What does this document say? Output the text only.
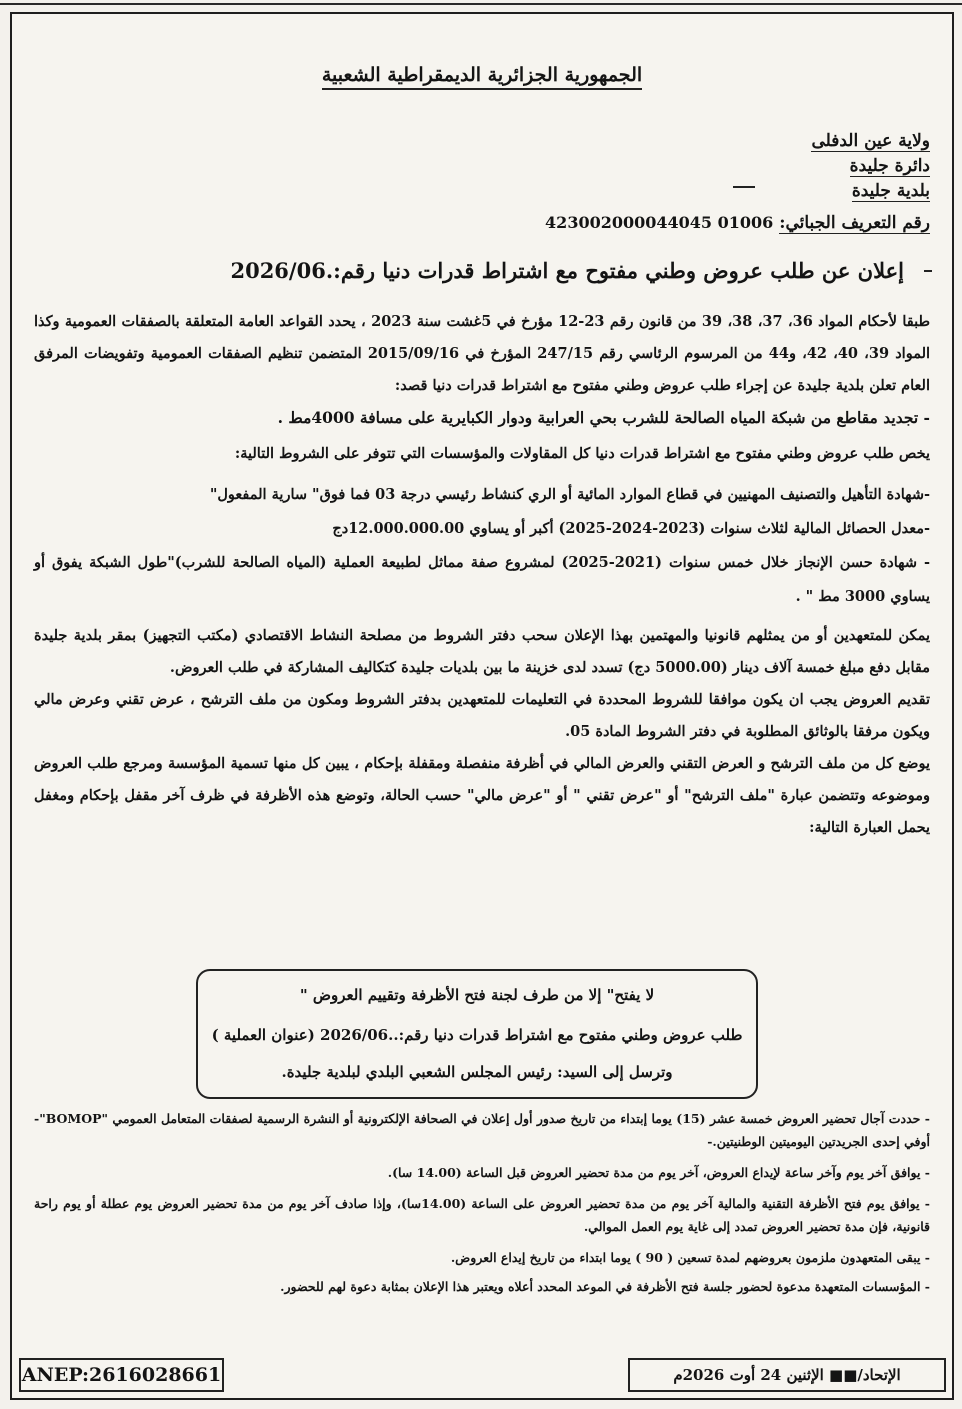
الجمهورية الجزائرية الديمقراطية الشعبية
ولاية عين الدفلى
دائرة جليدة
بلدية جليدة
رقم التعريف الجبائي: 423002000044045 01006
إعلان عن طلب عروض وطني مفتوح مع اشتراط قدرات دنيا رقم:.2026/06

طبقا لأحكام المواد 36، 37، 38، 39 من قانون رقم 23-12 مؤرخ في 5غشت سنة 2023 ، يحدد القواعد العامة المتعلقة بالصفقات العمومية وكذا المواد 39، 40، 42، و44 من المرسوم الرئاسي رقم 247/15 المؤرخ في 2015/09/16 المتضمن تنظيم الصفقات العمومية وتفويضات المرفق العام تعلن بلدية جليدة عن إجراء طلب عروض وطني مفتوح مع اشتراط قدرات دنيا قصد:

- تجديد مقاطع من شبكة المياه الصالحة للشرب بحي العرابية ودوار الكبايرية على مسافة 4000مط .

يخص طلب عروض وطني مفتوح مع اشتراط قدرات دنيا كل المقاولات والمؤسسات التي تتوفر على الشروط التالية:

-شهادة التأهيل والتصنيف المهنيين في قطاع الموارد المائية أو الري كنشاط رئيسي درجة 03 فما فوق" سارية المفعول"

-معدل الحصائل المالية لثلاث سنوات (2023-2024-2025) أكبر أو يساوي 12.000.000.00دج

- شهادة حسن الإنجاز خلال خمس سنوات (2021-2025) لمشروع صفة مماثل لطبيعة العملية (المياه الصالحة للشرب)"طول الشبكة يفوق أو يساوي 3000 مط " .

يمكن للمتعهدين أو من يمثلهم قانونيا والمهتمين بهذا الإعلان سحب دفتر الشروط من مصلحة النشاط الاقتصادي (مكتب التجهيز) بمقر بلدية جليدة مقابل دفع مبلغ خمسة آلاف دينار (5000.00 دج) تسدد لدى خزينة ما بين بلديات جليدة كتكاليف المشاركة في طلب العروض.

تقديم العروض يجب ان يكون موافقا للشروط المحددة في التعليمات للمتعهدين بدفتر الشروط ومكون من ملف الترشح ، عرض تقني وعرض مالي ويكون مرفقا بالوثائق المطلوبة في دفتر الشروط المادة 05.

يوضع كل من ملف الترشح و العرض التقني والعرض المالي في أظرفة منفصلة ومقفلة بإحكام ، يبين كل منها تسمية المؤسسة ومرجع طلب العروض وموضوعه وتتضمن عبارة "ملف الترشح" أو "عرض تقني " أو "عرض مالي" حسب الحالة، وتوضع هذه الأظرفة في ظرف آخر مقفل بإحكام ومغفل يحمل العبارة التالية:

لا يفتح" إلا من طرف لجنة فتح الأظرفة وتقييم العروض "
طلب عروض وطني مفتوح مع اشتراط قدرات دنيا رقم:..2026/06 (عنوان العملية )
وترسل إلى السيد: رئيس المجلس الشعبي البلدي لبلدية جليدة.

- حددت آجال تحضير العروض خمسة عشر (15) يوما إبتداء من تاريخ صدور أول إعلان في الصحافة الإلكترونية أو النشرة الرسمية لصفقات المتعامل العمومي "BOMOP"-أوفي إحدى الجريدتين اليوميتين الوطنيتين.-

- يوافق آخر يوم وآخر ساعة لإيداع العروض، آخر يوم من مدة تحضير العروض قبل الساعة (14.00 سا).

- يوافق يوم فتح الأظرفة التقنية والمالية آخر يوم من مدة تحضير العروض على الساعة (14.00سا)، وإذا صادف آخر يوم من مدة تحضير العروض يوم عطلة أو يوم راحة قانونية، فإن مدة تحضير العروض تمدد إلى غاية يوم العمل الموالي.

- يبقى المتعهدون ملزمون بعروضهم لمدة تسعين ( 90 ) يوما ابتداء من تاريخ إيداع العروض.

- المؤسسات المتعهدة مدعوة لحضور جلسة فتح الأظرفة في الموعد المحدد أعلاه ويعتبر هذا الإعلان بمثابة دعوة لهم للحضور.

ANEP:2616028661	الإتحاد/■■ الإثنين 24 أوت 2026م
